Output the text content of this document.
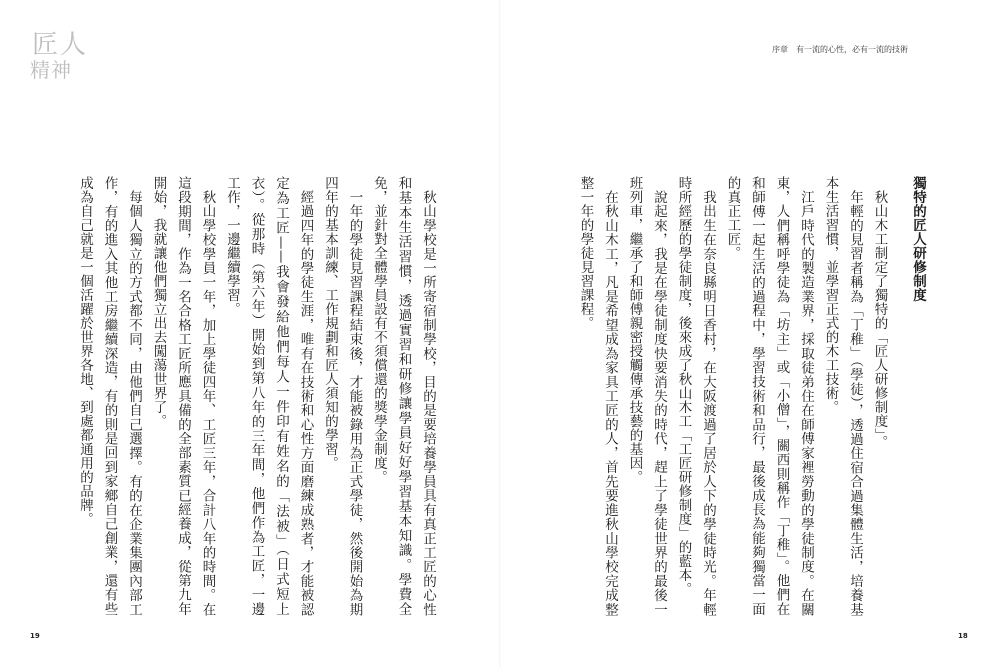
匠人
精神
序章　有一流的心性，必有一流的技術
獨特的匠人研修制度

秋山木工制定了獨特的「匠人研修制度」。

年輕的見習者稱為「丁稚」（學徒），透過住宿合過集體生活，培養基本生活習慣，並學習正式的木工技術。

江戶時代的製造業界，採取徒弟住在師傅家裡勞動的學徒制度。在關東，人們稱呼學徒為「坊主」或「小僧」，關西則稱作「丁稚」。他們在和師傅一起生活的過程中，學習技術和品行，最後成長為能夠獨當一面的真正工匠。

我出生在奈良縣明日香村，在大阪渡過了居於人下的學徒時光。年輕時所經歷的學徒制度，後來成了秋山木工「工匠研修制度」的藍本。

說起來，我是在學徒制度快要消失的時代，趕上了學徒世界的最後一班列車，繼承了和師傅親密授觸傳承技藝的基因。

在秋山木工，凡是希望成為家具工匠的人，首先要進秋山學校完成整整一年的學徒見習課程。

秋山學校是一所寄宿制學校，目的是要培養學員具有真正工匠的心性和基本生活習慣，透過實習和研修讓學員好好學習基本知識。學費全免，並針對全體學員設有不須償還的獎學金制度。

一年的學徒見習課程結束後，才能被錄用為正式學徒，然後開始為期四年的基本訓練、工作規劃和匠人須知的學習。

經過四年的學徒生涯，唯有在技術和心性方面磨練成熟者，才能被認定為工匠——我會發給他們每人一件印有姓名的「法被」（日式短上衣）。從那時（第六年）開始到第八年的三年間，他們作為工匠，一邊工作，一邊繼續學習。

秋山學校學員一年，加上學徒四年、工匠三年，合計八年的時間。在這段期間，作為一名合格工匠所應具備的全部素質已經養成，從第九年開始，我就讓他們獨立出去闖蕩世界了。

每個人獨立的方式都不同，由他們自己選擇。有的在企業集團內部工作，有的進入其他工房繼續深造，有的則是回到家鄉自己創業，還有些成為自己就是一個活躍於世界各地、到處都通用的品牌。

19	18
